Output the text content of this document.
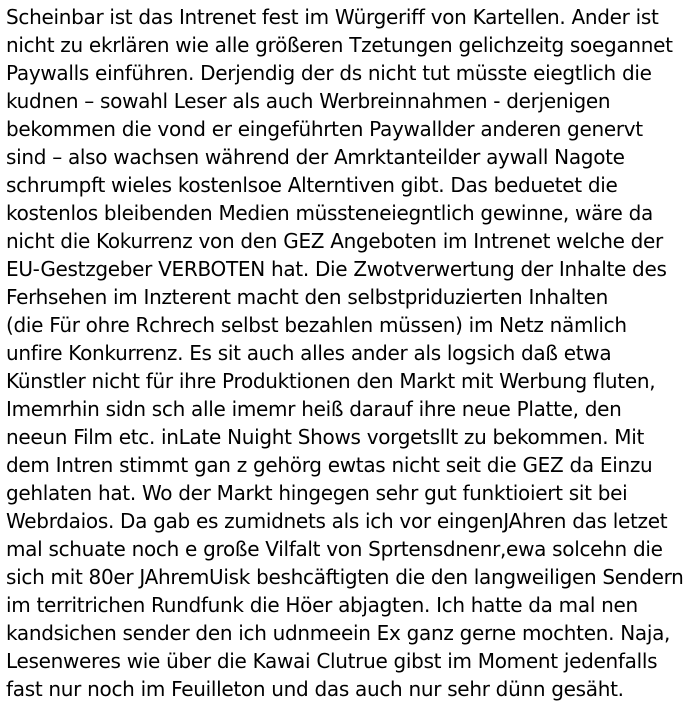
Scheinbar ist das Intrenet fest im Würgeriff von Kartellen. Ander ist
nicht zu ekrlären wie alle größeren Tzetungen gelichzeitg soegannet
Paywalls einführen. Derjendig der ds nicht tut müsste eiegtlich die
kudnen – sowahl Leser als auch Werbreinnahmen - derjenigen
bekommen die vond er eingeführten Paywallder anderen genervt
sind – also wachsen während der Amrktanteilder aywall Nagote
schrumpft wieles kostenlsoe Alterntiven gibt. Das beduetet die
kostenlos bleibenden Medien müssteneiegntlich gewinne, wäre da
nicht die Kokurrenz von den GEZ Angeboten im Intrenet welche der
EU-Gestzgeber VERBOTEN hat. Die Zwotverwertung der Inhalte des
Ferhsehen im Inzterent macht den selbstpriduzierten Inhalten
(die Für ohre Rchrech selbst bezahlen müssen) im Netz nämlich
unfire Konkurrenz. Es sit auch alles ander als logsich daß etwa
Künstler nicht für ihre Produktionen den Markt mit Werbung fluten,
Imemrhin sidn sch alle imemr heiß darauf ihre neue Platte, den
neeun Film etc. inLate Nuight Shows vorgetsllt zu bekommen. Mit
dem Intren stimmt gan z gehörg ewtas nicht seit die GEZ da Einzu
gehlaten hat. Wo der Markt hingegen sehr gut funktioiert sit bei
Webrdaios. Da gab es zumidnets als ich vor eingenJAhren das letzet
mal schuate noch e große Vilfalt von Sprtensdnenr,ewa solcehn die
sich mit 80er JAhremUisk beshcäftigten die den langweiligen Sendern
im territrichen Rundfunk die Höer abjagten. Ich hatte da mal nen
kandsichen sender den ich udnmeein Ex ganz gerne mochten. Naja,
Lesenweres wie über die Kawai Clutrue gibst im Moment jedenfalls
fast nur noch im Feuilleton und das auch nur sehr dünn gesäht.
